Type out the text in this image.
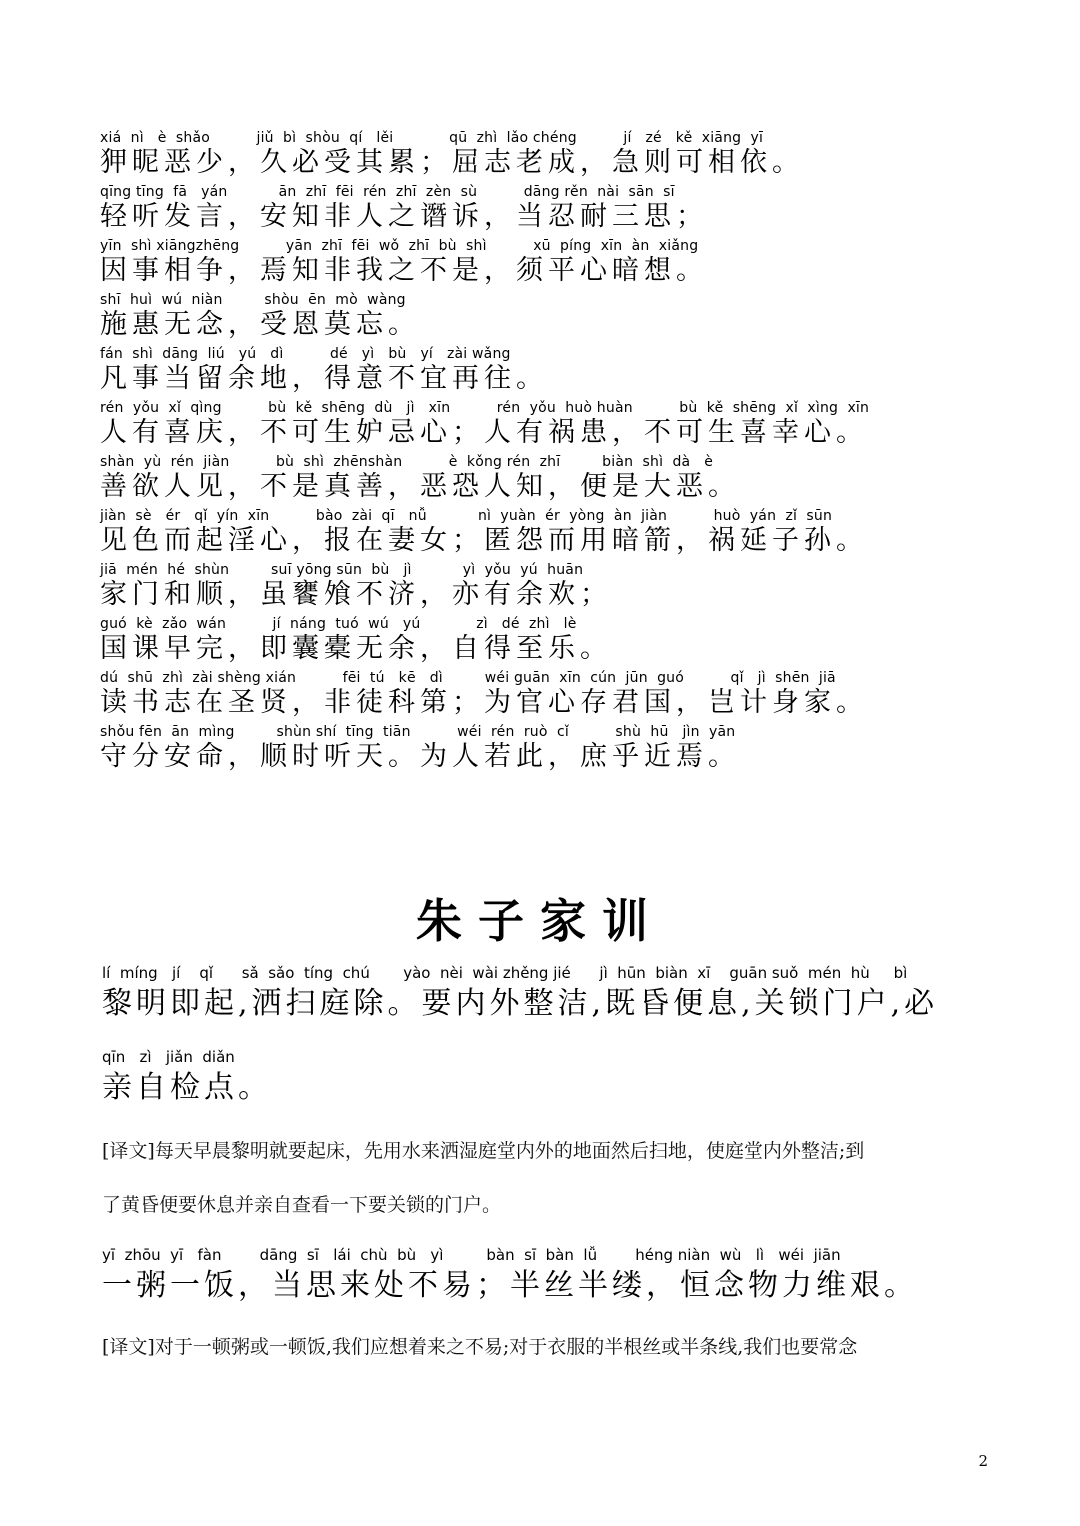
xiá  nì   è  shǎo          jiǔ  bì  shòu  qí   lěi            qū  zhì  lǎo chéng          jí   zé   kě  xiāng  yī
狎昵恶少，久必受其累；屈志老成，急则可相依。
qīng tīng  fā   yán           ān  zhī  fēi  rén  zhī  zèn  sù          dāng rěn  nài  sān  sī
轻听发言，安知非人之谮诉，当忍耐三思；
yīn  shì xiāngzhēng          yān  zhī  fēi  wǒ  zhī  bù  shì          xū  píng  xīn  àn  xiǎng
因事相争，焉知非我之不是，须平心暗想。
shī  huì  wú  niàn         shòu  ēn  mò  wàng
施惠无念，受恩莫忘。
fán  shì  dāng  liú   yú   dì          dé   yì   bù   yí   zài wǎng
凡事当留余地，得意不宜再往。
rén  yǒu  xǐ  qìng          bù  kě  shēng  dù   jì   xīn          rén  yǒu  huò huàn          bù  kě  shēng  xǐ  xìng  xīn
人有喜庆，不可生妒忌心；人有祸患，不可生喜幸心。
shàn  yù  rén  jiàn          bù  shì  zhēnshàn          è  kǒng rén  zhī         biàn  shì  dà   è
善欲人见，不是真善，恶恐人知，便是大恶。
jiàn  sè   ér   qǐ  yín  xīn          bào  zài  qī   nǚ           nì  yuàn  ér  yòng  àn  jiàn          huò  yán  zǐ  sūn
见色而起淫心，报在妻女；匿怨而用暗箭，祸延子孙。
jiā  mén  hé  shùn         suī yōng sūn  bù   jì           yì  yǒu  yú  huān
家门和顺，虽饔飧不济，亦有余欢；
guó  kè  zǎo  wán          jí  náng  tuó  wú   yú            zì   dé  zhì   lè
国课早完，即囊橐无余，自得至乐。
dú  shū  zhì  zài shèng xián          fēi  tú   kē   dì         wéi guān  xīn  cún  jūn  guó          qǐ   jì  shēn  jiā
读书志在圣贤，非徒科第；为官心存君国，岂计身家。
shǒu fēn  ān  mìng         shùn shí  tīng  tiān          wéi  rén  ruò  cǐ          shù  hū   jìn  yān
守分安命，顺时听天。为人若此，庶乎近焉。
朱子家训
lí  míng   jí    qǐ      sǎ  sǎo  tíng  chú       yào  nèi  wài zhěng jié      jì  hūn  biàn  xī    guān suǒ  mén  hù     bì
黎明即起,洒扫庭除。要内外整洁,既昏便息,关锁门户,必
qīn   zì   jiǎn  diǎn
亲自检点。
[译文]每天早晨黎明就要起床，先用水来洒湿庭堂内外的地面然后扫地，使庭堂内外整洁;到
了黄昏便要休息并亲自查看一下要关锁的门户。
yī  zhōu  yī   fàn        dāng  sī   lái  chù  bù   yì         bàn  sī  bàn  lǚ        héng niàn  wù   lì   wéi  jiān
一粥一饭，当思来处不易；半丝半缕，恒念物力维艰。
[译文]对于一顿粥或一顿饭,我们应想着来之不易;对于衣服的半根丝或半条线,我们也要常念
2
